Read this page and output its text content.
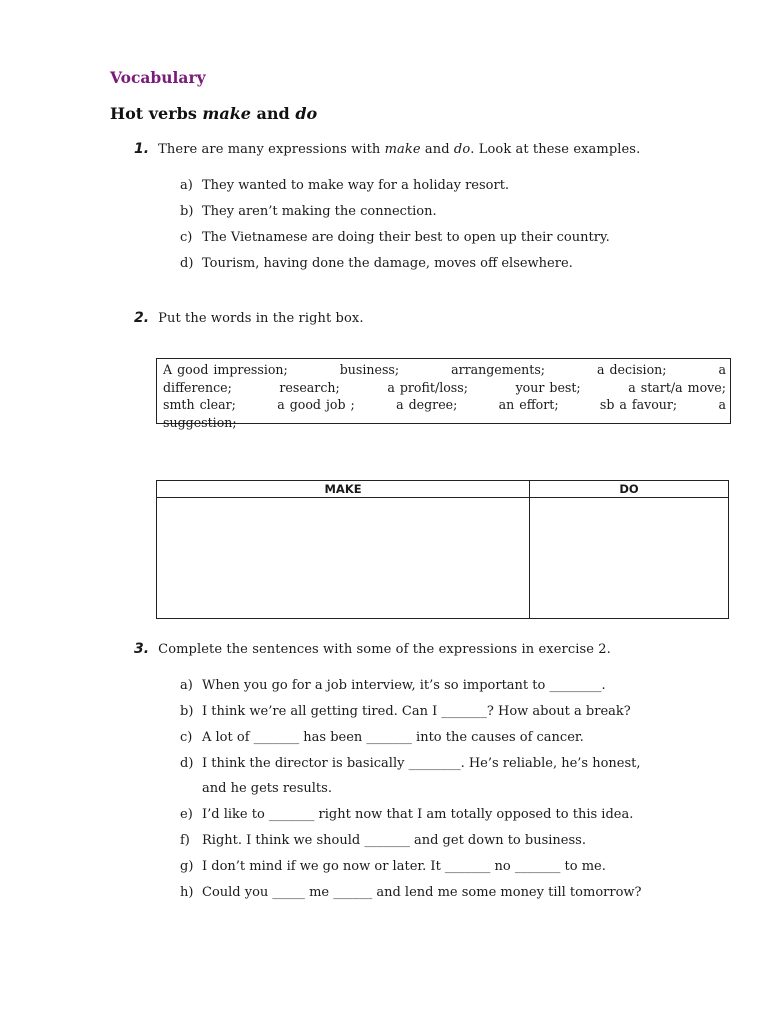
Vocabulary
Hot verbs make and do
1. There are many expressions with make and do. Look at these examples.
a) They wanted to make way for a holiday resort.
b) They aren’t making the connection.
c) The Vietnamese are doing their best to open up their country.
d) Tourism, having done the damage, moves off elsewhere.
2. Put the words in the right box.
A good impression;	business;	arrangements;	a decision;	a
difference;	research;	a profit/loss;	your best;	a start/a move;
smth clear;	a good job ;	a degree;	an effort;	sb a favour;	a
suggestion;
MAKE	DO

3. Complete the sentences with some of the expressions in exercise 2.
a) When you go for a job interview, it’s so important to ________.
b) I think we’re all getting tired. Can I _______? How about a break?
c) A lot of _______ has been _______ into the causes of cancer.
d) I think the director is basically ________. He’s reliable, he’s honest,
and he gets results.
e) I’d like to _______ right now that I am totally opposed to this idea.
f) Right. I think we should _______ and get down to business.
g) I don’t mind if we go now or later. It _______ no _______ to me.
h) Could you _____ me ______ and lend me some money till tomorrow?
